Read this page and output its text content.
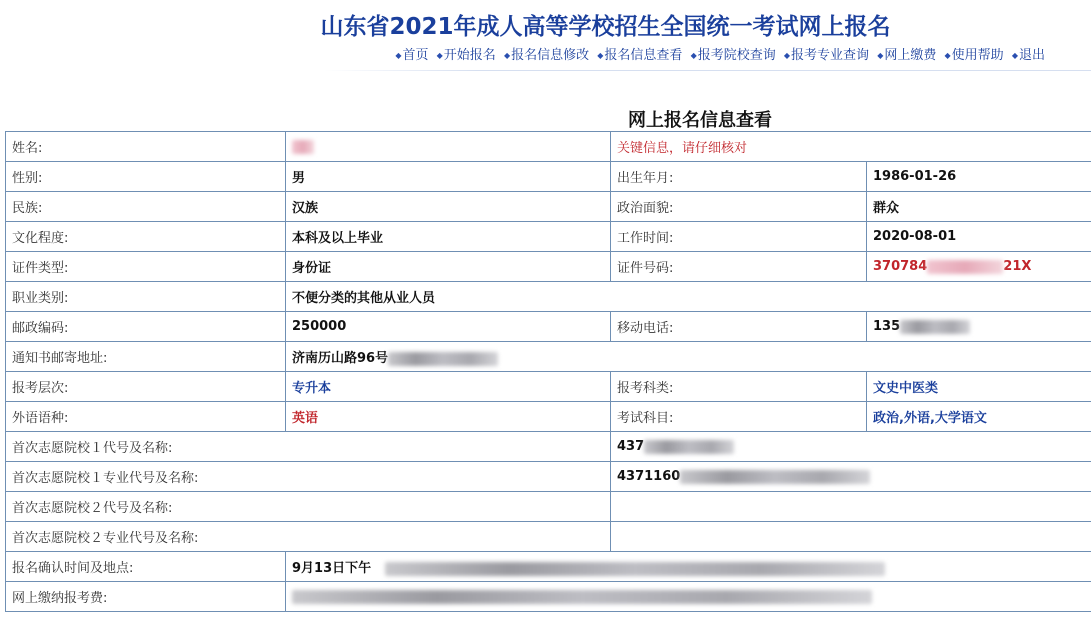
山东省2021年成人高等学校招生全国统一考试网上报名
◆首页 ◆开始报名 ◆报名信息修改 ◆报名信息查看 ◆报考院校查询 ◆报考专业查询 ◆网上缴费 ◆使用帮助 ◆退出
网上报名信息查看
姓名:		关键信息，请仔细核对	
性别:	男	出生年月:	1986-01-26
民族:	汉族	政治面貌:	群众
文化程度:	本科及以上毕业	工作时间:	2020-08-01
证件类型:	身份证	证件号码:	370784 21X
职业类别:	不便分类的其他从业人员		
邮政编码:	250000	移动电话:	135
通知书邮寄地址:	济南历山路96号		
报考层次:	专升本	报考科类:	文史中医类
外语语种:	英语	考试科目:	政治,外语,大学语文
首次志愿院校１代号及名称:		437	
首次志愿院校１专业代号及名称:		4371160	
首次志愿院校２代号及名称:			
首次志愿院校２专业代号及名称:			
报名确认时间及地点:	9月13日下午		
网上缴纳报考费:			
